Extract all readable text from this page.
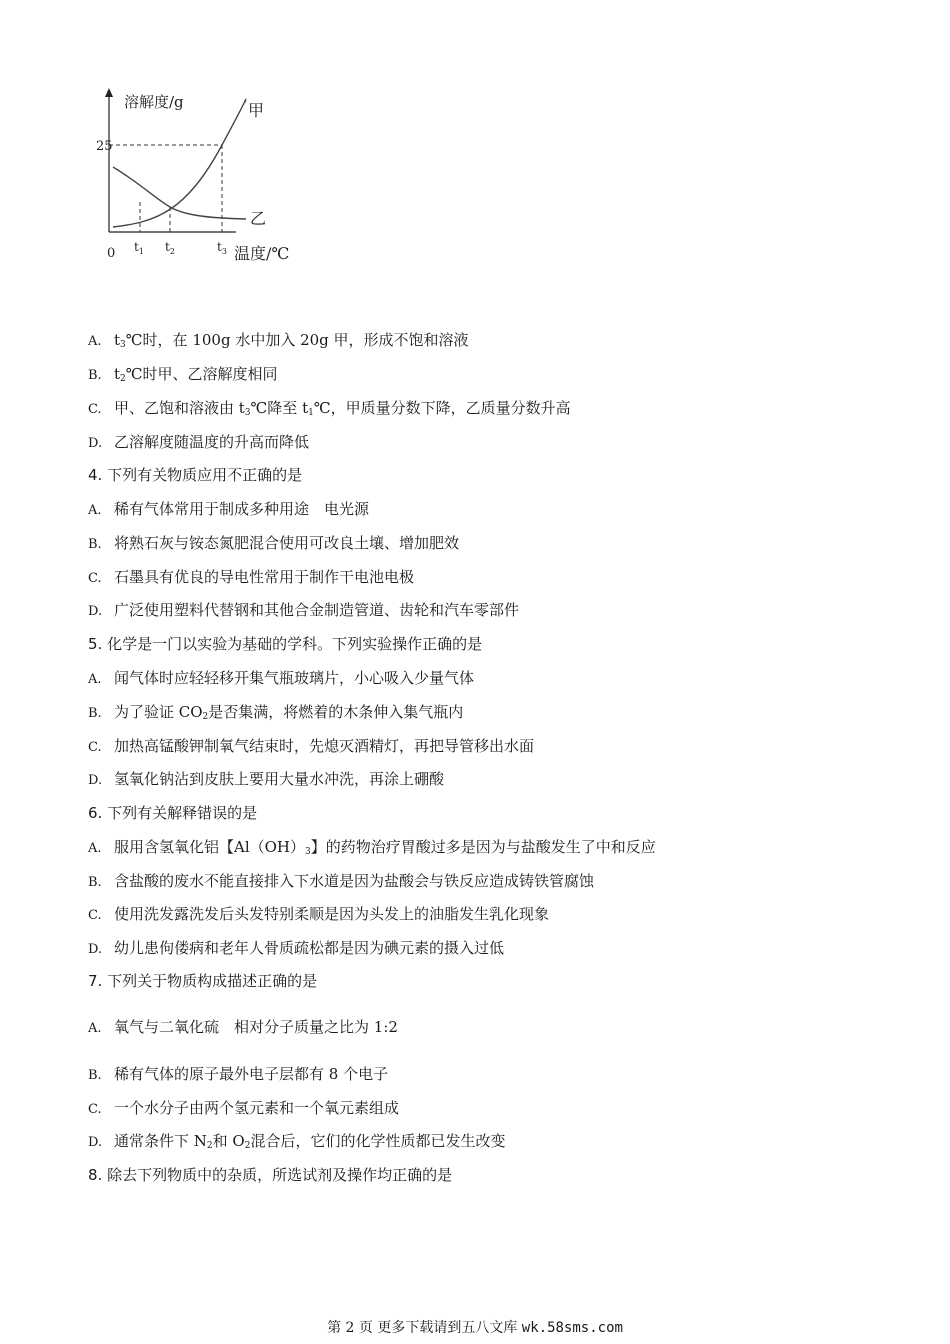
溶解度/g
25
0 $t_1$ $t_2$	$t_3$ 温度/℃
甲
乙
A. $t_3℃$时，在 100g 水中加入 20g 甲，形成不饱和溶液
B. $t_2℃$时甲、乙溶解度相同
C. 甲、乙饱和溶液由 $t_3℃$降至 $t_1℃$，甲质量分数下降，乙质量分数升高
D. 乙溶解度随温度的升高而降低
4. 下列有关物质应用不正确的是
A. 稀有气体常用于制成多种用途　电光源
B. 将熟石灰与铵态氮肥混合使用可改良土壤、增加肥效
C. 石墨具有优良的导电性常用于制作干电池电极
D. 广泛使用塑料代替钢和其他合金制造管道、齿轮和汽车零部件
5. 化学是一门以实验为基础的学科。下列实验操作正确的是
A. 闻气体时应轻轻移开集气瓶玻璃片，小心吸入少量气体
B. 为了验证 $CO_2$是否集满，将燃着的木条伸入集气瓶内
C. 加热高锰酸钾制氧气结束时，先熄灭酒精灯，再把导管移出水面
D. 氢氧化钠沾到皮肤上要用大量水冲洗，再涂上硼酸
6. 下列有关解释错误的是
A. 服用含氢氧化铝【$Al(OH)_3$】的药物治疗胃酸过多是因为与盐酸发生了中和反应
B. 含盐酸的废水不能直接排入下水道是因为盐酸会与铁反应造成铸铁管腐蚀
C. 使用洗发露洗发后头发特别柔顺是因为头发上的油脂发生乳化现象
D. 幼儿患佝偻病和老年人骨质疏松都是因为碘元素的摄入过低
7. 下列关于物质构成描述正确的是
A. 氧气与二氧化硫　相对分子质量之比为 1:2
B. 稀有气体的原子最外电子层都有 8 个电子
C. 一个水分子由两个氢元素和一个氧元素组成
D. 通常条件下 $N_2$和 $O_2$混合后，它们的化学性质都已发生改变
8. 除去下列物质中的杂质，所选试剂及操作均正确的是
第 2 页 更多下载请到五八文库 wk.58sms.com
